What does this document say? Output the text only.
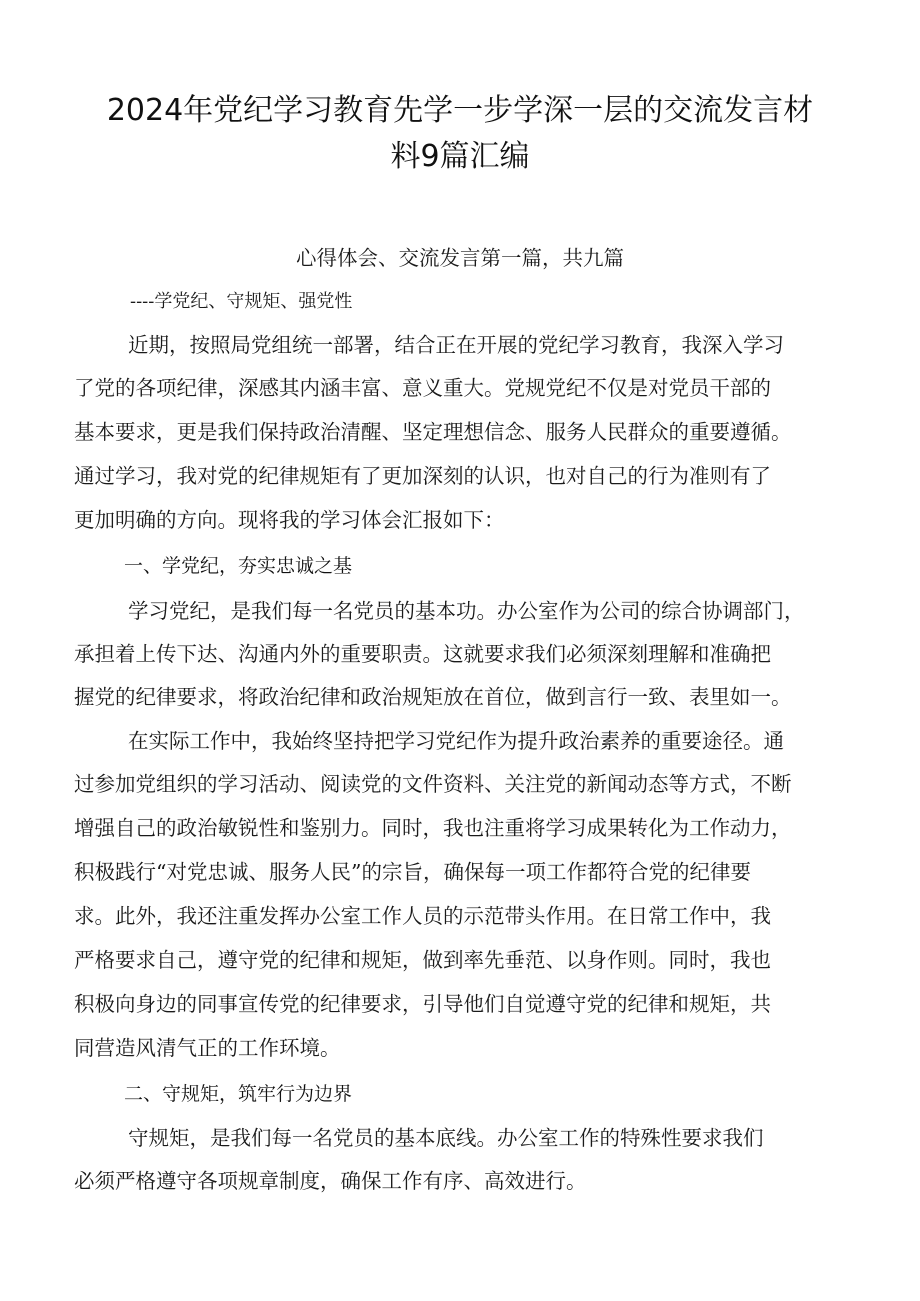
2024年党纪学习教育先学一步学深一层的交流发言材
料9篇汇编
心得体会、交流发言第一篇，共九篇
----学党纪、守规矩、强党性
近期，按照局党组统一部署，结合正在开展的党纪学习教育，我深入学习
了党的各项纪律，深感其内涵丰富、意义重大。党规党纪不仅是对党员干部的
基本要求，更是我们保持政治清醒、坚定理想信念、服务人民群众的重要遵循。
通过学习，我对党的纪律规矩有了更加深刻的认识，也对自己的行为准则有了
更加明确的方向。现将我的学习体会汇报如下：
一、学党纪，夯实忠诚之基
学习党纪，是我们每一名党员的基本功。办公室作为公司的综合协调部门，
承担着上传下达、沟通内外的重要职责。这就要求我们必须深刻理解和准确把
握党的纪律要求，将政治纪律和政治规矩放在首位，做到言行一致、表里如一。
在实际工作中，我始终坚持把学习党纪作为提升政治素养的重要途径。通
过参加党组织的学习活动、阅读党的文件资料、关注党的新闻动态等方式，不断
增强自己的政治敏锐性和鉴别力。同时，我也注重将学习成果转化为工作动力，
积极践行“对党忠诚、服务人民”的宗旨，确保每一项工作都符合党的纪律要
求。此外，我还注重发挥办公室工作人员的示范带头作用。在日常工作中，我
严格要求自己，遵守党的纪律和规矩，做到率先垂范、以身作则。同时，我也
积极向身边的同事宣传党的纪律要求，引导他们自觉遵守党的纪律和规矩，共
同营造风清气正的工作环境。
二、守规矩，筑牢行为边界
守规矩，是我们每一名党员的基本底线。办公室工作的特殊性要求我们
必须严格遵守各项规章制度，确保工作有序、高效进行。
